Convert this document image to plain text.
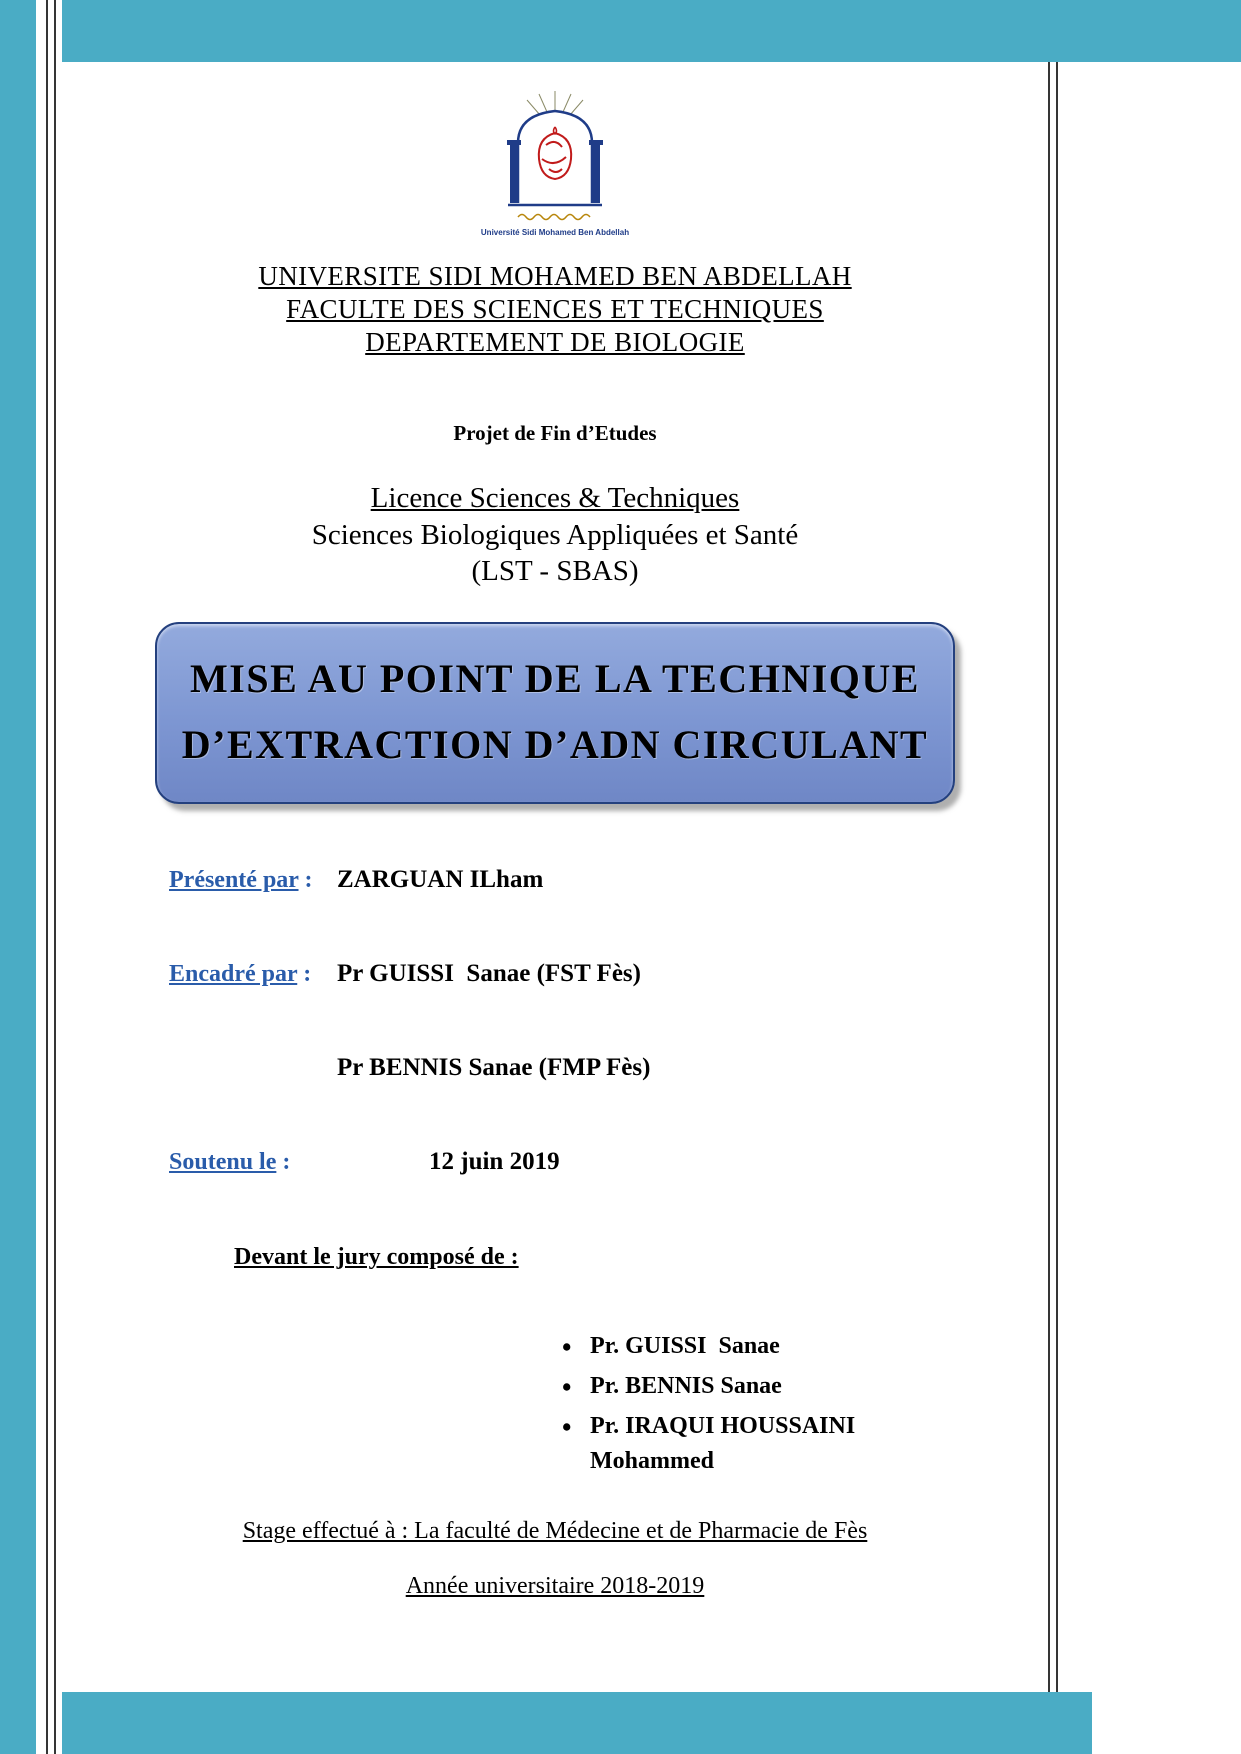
Université Sidi Mohamed Ben Abdellah
UNIVERSITE SIDI MOHAMED BEN ABDELLAH
FACULTE DES SCIENCES ET TECHNIQUES
DEPARTEMENT DE BIOLOGIE
Projet de Fin d’Etudes
Licence Sciences & Techniques
Sciences Biologiques Appliquées et Santé
(LST - SBAS)
MISE AU POINT DE LA TECHNIQUE
D’EXTRACTION D’ADN CIRCULANT

Présenté par : ZARGUAN ILham

Encadré par : Pr GUISSI  Sanae (FST Fès)

Pr BENNIS Sanae (FMP Fès)

Soutenu le :	12 juin 2019

Devant le jury composé de :
• Pr. GUISSI  Sanae
• Pr. BENNIS Sanae
• Pr. IRAQUI HOUSSAINI Mohammed
Stage effectué à : La faculté de Médecine et de Pharmacie de Fès
Année universitaire 2018-2019
